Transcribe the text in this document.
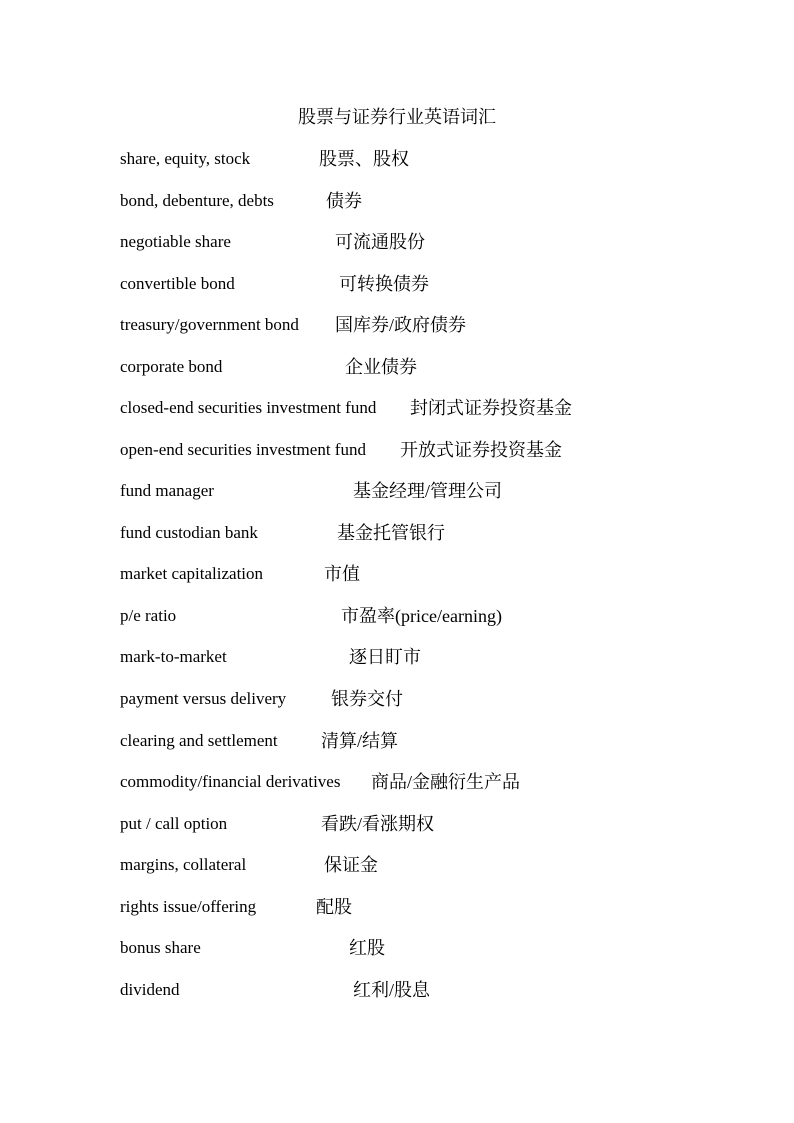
股票与证券行业英语词汇
share, equity, stock	股票、股权
bond, debenture, debts	债券
negotiable share	可流通股份
convertible bond	可转换债券
treasury/government bond 国库券/政府债券
corporate bond	企业债券
closed-end securities investment fund 封闭式证券投资基金
open-end securities investment fund 开放式证券投资基金
fund manager	基金经理/管理公司
fund custodian bank	基金托管银行
market capitalization	市值
p/e ratio	市盈率(price/earning)
mark-to-market	逐日盯市
payment versus delivery 银券交付
clearing and settlement 清算/结算
commodity/financial derivatives 商品/金融衍生产品
put / call option	看跌/看涨期权
margins, collateral	保证金
rights issue/offering	配股
bonus share	红股
dividend	红利/股息
